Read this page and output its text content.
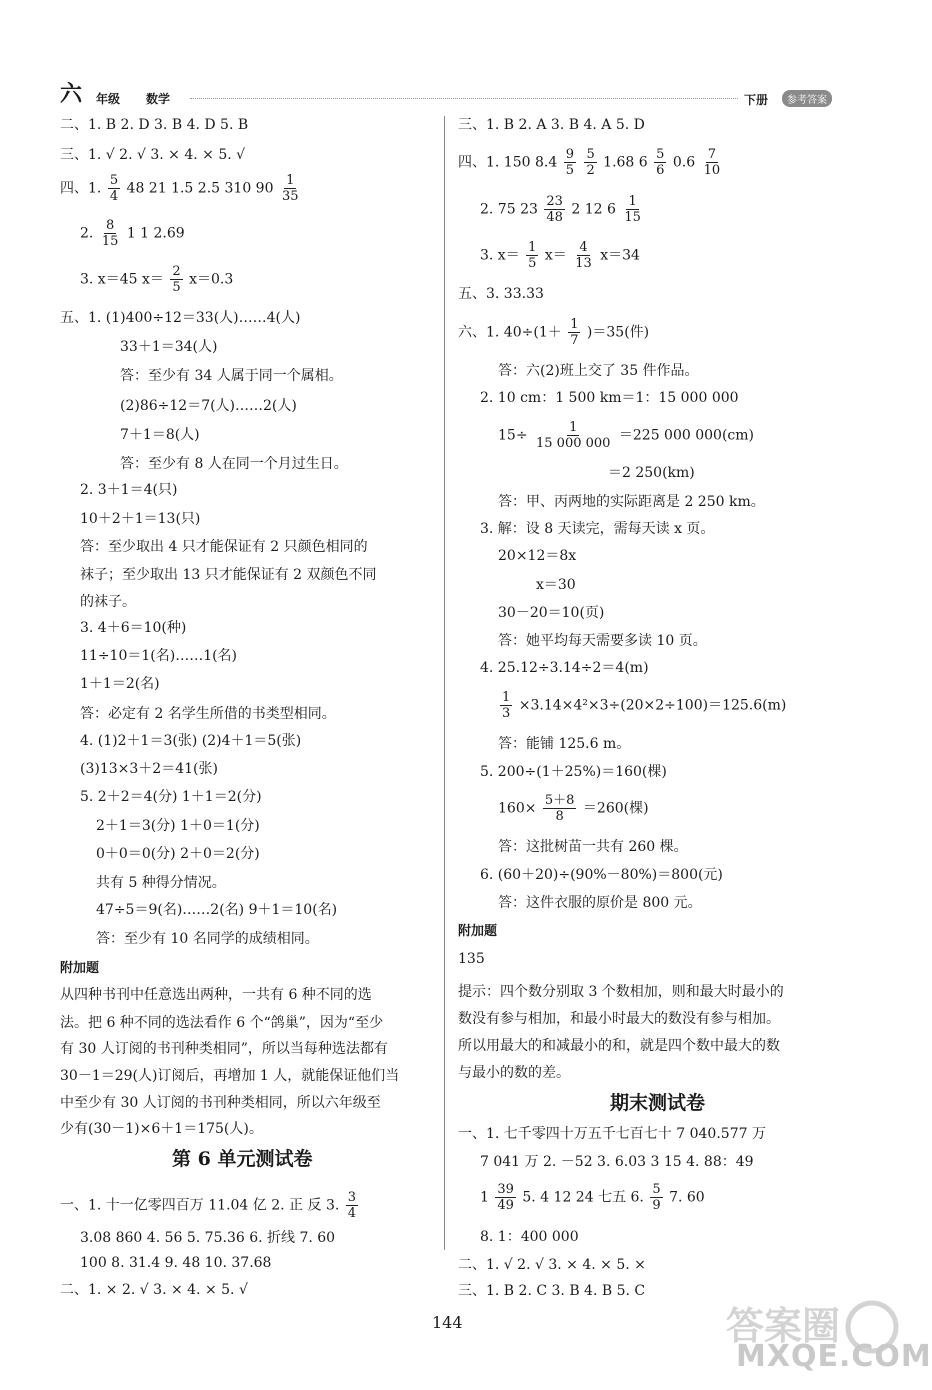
六 年级 数学	下册	参考答案
二、1. B 2. D 3. B 4. D 5. B
三、1. √ 2. √ 3. × 4. × 5. √
四、1. $\frac{5}{4} 48$ 21 1.5 2.5 310 $90 \frac{1}{35}$
2. $\frac{8}{15} 1$ 1 2.69
3. x＝45 $x= \frac{2}{5} x=0.3$
五、1. (1)400÷12＝33(人)……4(人)
33＋1＝34(人)
答：至少有 34 人属于同一个属相。
(2)86÷12＝7(人)……2(人)
7＋1＝8(人)
答：至少有 8 人在同一个月过生日。
2. 3＋1＝4(只)
10＋2＋1＝13(只)
答：至少取出 4 只才能保证有 2 只颜色相同的
袜子；至少取出 13 只才能保证有 2 双颜色不同
的袜子。
3. 4＋6＝10(种)
11÷10＝1(名)……1(名)
1＋1＝2(名)
答：必定有 2 名学生所借的书类型相同。
4. (1)2＋1＝3(张) (2)4＋1＝5(张)
(3)13×3＋2＝41(张)
5. 2＋2＝4(分) 1＋1＝2(分)
2＋1＝3(分) 1＋0＝1(分)
0＋0＝0(分) 2＋0＝2(分)
共有 5 种得分情况。
47÷5＝9(名)……2(名) 9＋1＝10(名)
答：至少有 10 名同学的成绩相同。
附加题
从四种书刊中任意选出两种，一共有 6 种不同的选
法。把 6 种不同的选法看作 6 个“鸽巢”，因为“至少
有 30 人订阅的书刊种类相同”，所以当每种选法都有
30－1＝29(人)订阅后，再增加 1 人，就能保证他们当
中至少有 30 人订阅的书刊种类相同，所以六年级至
少有(30－1)×6＋1＝175(人)。
第 6 单元测试卷
一、1. 十一亿零四百万 11.04 亿 2. 正 反 3. $\frac{3}{4}$
3.08 860 4. 56 5. 75.36 6. 折线 7. 60
100 8. 31.4 9. 48 10. 37.68
二、1. × 2. √ 3. × 4. × 5. √
三、1. B 2. A 3. B 4. A 5. D
四、1. 150 $8.4 \frac{9}{5}$
$\frac{5}{2} 1.68$ $6 \frac{5}{6} 0.6 \frac{7}{10}$
2. 75 $23 \frac{23}{48} 2$ 12 $6 \frac{1}{15}$
3. $x= \frac{1}{5} x= \frac{4}{13} x=34$
五、3. 33.33
六、1. $40\div(1+ \frac{1}{7} )=35$(件)
答：六(2)班上交了 35 件作品。
2. 10 cm：1 500 km＝1：15 000 000
$15\div \frac{1}{15 000 000} =225$ 000 000(cm)
＝2 250(km)
答：甲、丙两地的实际距离是 2 250 km。
3. 解：设 8 天读完，需每天读 x 页。
20×12＝8x
x＝30
30－20＝10(页)
答：她平均每天需要多读 10 页。
4. 25.12÷3.14÷2＝4(m)
$\frac{1}{3} \times 3.14\times 4^2\times 3\div(20\times 2\div 100)=125.6(m)$
答：能铺 125.6 m。
5. 200÷(1＋25%)＝160(棵)
$160\times \frac{5+8}{8} =260$(棵)
答：这批树苗一共有 260 棵。
6. (60＋20)÷(90%－80%)＝800(元)
答：这件衣服的原价是 800 元。
附加题
135
提示：四个数分别取 3 个数相加，则和最大时最小的
数没有参与相加，和最小时最大的数没有参与相加。
所以用最大的和减最小的和，就是四个数中最大的数
与最小的数的差。
期末测试卷
一、1. 七千零四十万五千七百七十 7 040.577 万
7 041 万 2. －52 3. 6.03 3 15 4. 88：49
$1 \frac{39}{49} 5$. 4 12 24 七五 6. $\frac{5}{9} 7$. 60
8. 1：400 000
二、1. √ 2. √ 3. × 4. × 5. ×
三、1. B 2. C 3. B 4. B 5. C
144	答案圈
MXQE.COM
